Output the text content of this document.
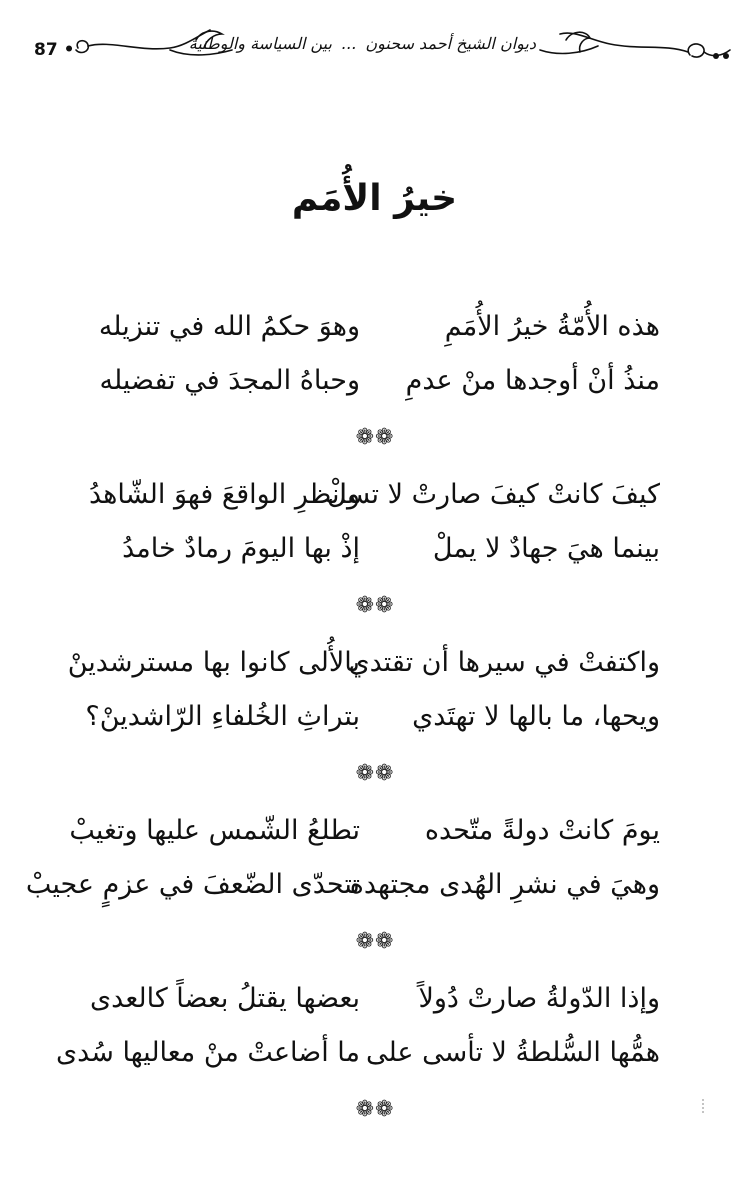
87 •	ديوان الشيخ أحمد سحنون ... بين السياسة والوطنية
خيرُ الأُمَم
هذه الأُمّةُ خيرُ الأُمَمِ
وهوَ حكمُ الله في تنزيله
منذُ أنْ أوجدها منْ عدمِ
وحباهُ المجدَ في تفضيله
❁❁
كيفَ كانتْ كيفَ صارتْ لا تسلْ
وانظرِ الواقعَ فهوَ الشّاهدُ
بينما هيَ جهادٌ لا يملْ
إذْ بها اليومَ رمادٌ خامدُ
❁❁
واكتفتْ في سيرها أن تقتدي
بالأُلى كانوا بها مسترشدينْ
ويحها، ما بالها لا تهتَدي
بتراثِ الخُلفاءِ الرّاشدينْ؟
❁❁
يومَ كانتْ دولةً متّحده
تطلعُ الشّمس عليها وتغيبْ
وهيَ في نشرِ الهُدى مجتهده
تتحدّى الضّعفَ في عزمٍ عجيبْ
❁❁
وإذا الدّولةُ صارتْ دُولاً
بعضها يقتلُ بعضاً كالعدى
همُّها السُّلطةُ لا تأسى على
ما أضاعتْ منْ معاليها سُدى
❁❁
